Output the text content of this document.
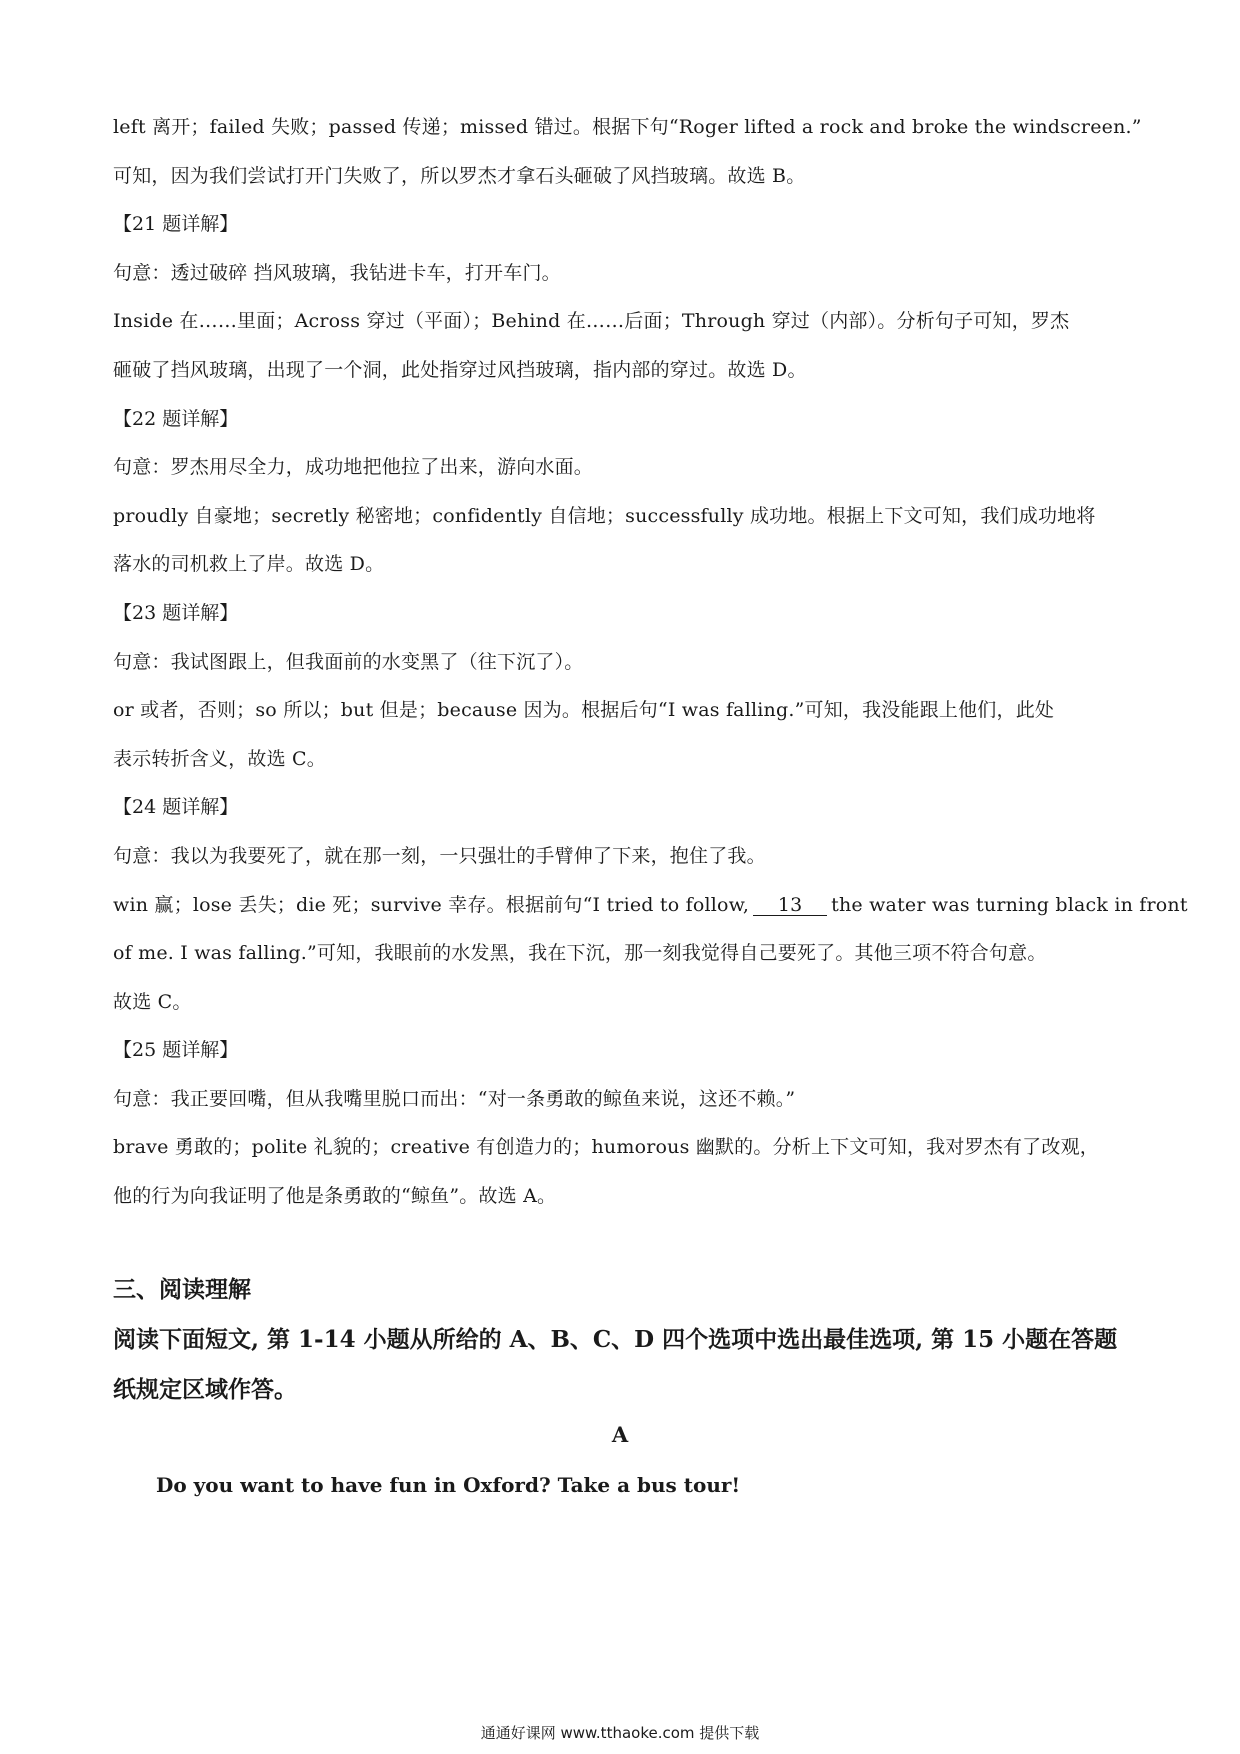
left 离开；failed 失败；passed 传递；missed 错过。根据下句“Roger lifted a rock and broke the windscreen.”
可知，因为我们尝试打开门失败了，所以罗杰才拿石头砸破了风挡玻璃。故选 B。
【21 题详解】
句意：透过破碎 挡风玻璃，我钻进卡车，打开车门。
Inside 在……里面；Across 穿过（平面）；Behind 在……后面；Through 穿过（内部）。分析句子可知，罗杰
砸破了挡风玻璃，出现了一个洞，此处指穿过风挡玻璃，指内部的穿过。故选 D。
【22 题详解】
句意：罗杰用尽全力，成功地把他拉了出来，游向水面。
proudly 自豪地；secretly 秘密地；confidently 自信地；successfully 成功地。根据上下文可知，我们成功地将
落水的司机救上了岸。故选 D。
【23 题详解】
句意：我试图跟上，但我面前的水变黑了（往下沉了）。
or 或者，否则；so 所以；but 但是；because 因为。根据后句“I was falling.”可知，我没能跟上他们，此处
表示转折含义，故选 C。
【24 题详解】
句意：我以为我要死了，就在那一刻，一只强壮的手臂伸了下来，抱住了我。
win 赢；lose 丢失；die 死；survive 幸存。根据前句“I tried to follow, 13 the water was turning black in front
of me. I was falling.”可知，我眼前的水发黑，我在下沉，那一刻我觉得自己要死了。其他三项不符合句意。
故选 C。
【25 题详解】
句意：我正要回嘴，但从我嘴里脱口而出：“对一条勇敢的鲸鱼来说，这还不赖。”
brave 勇敢的；polite 礼貌的；creative 有创造力的；humorous 幽默的。分析上下文可知，我对罗杰有了改观，
他的行为向我证明了他是条勇敢的“鲸鱼”。故选 A。
三、阅读理解
阅读下面短文, 第 1-14 小题从所给的 A、B、C、D 四个选项中选出最佳选项, 第 15 小题在答题纸规定区域作答。
A
Do you want to have fun in Oxford? Take a bus tour!
通通好课网 www.tthaoke.com 提供下载
